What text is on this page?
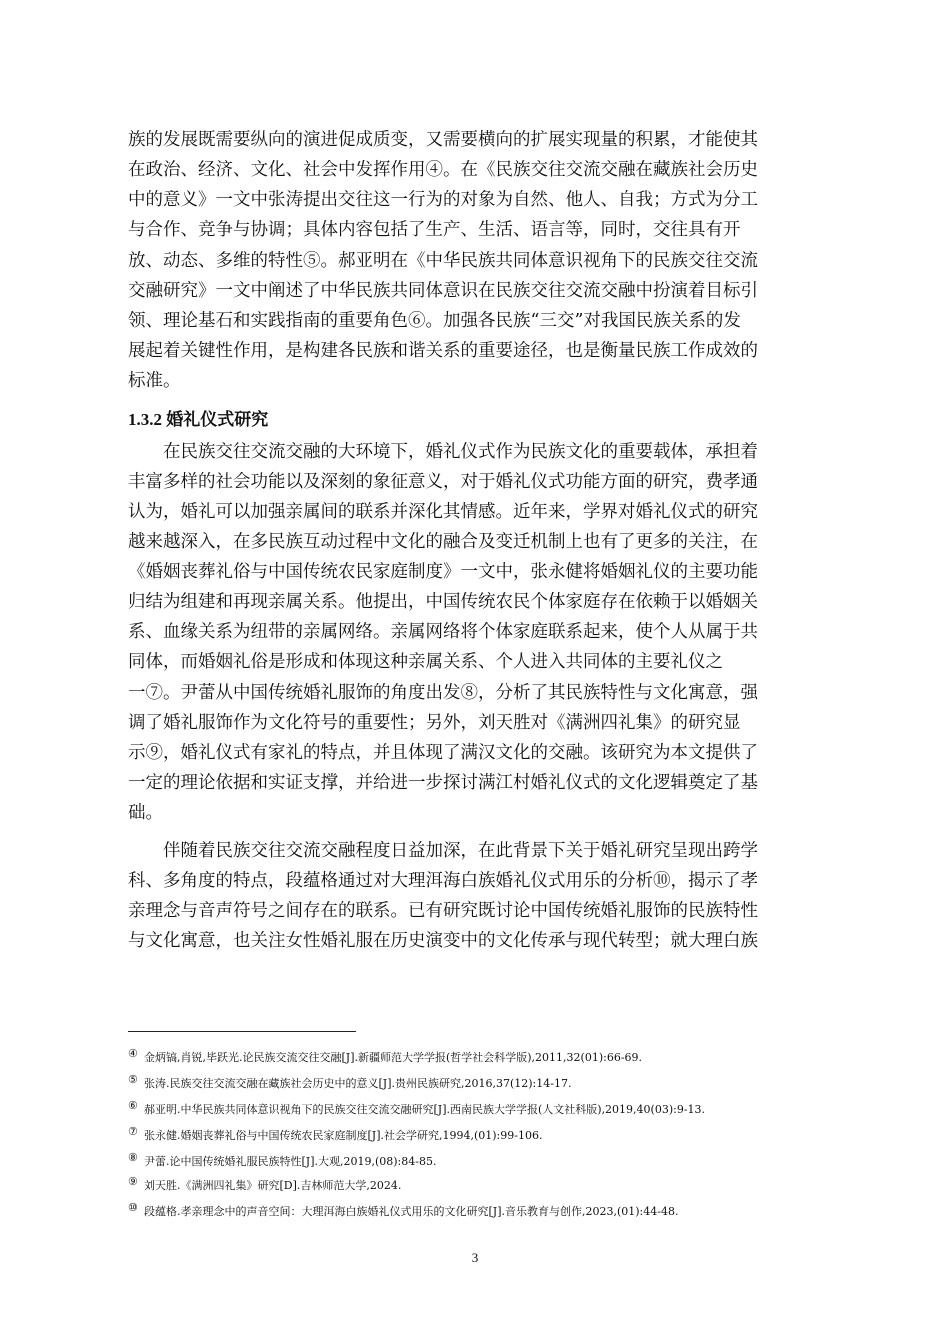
族的发展既需要纵向的演进促成质变，又需要横向的扩展实现量的积累，才能使其
在政治、经济、文化、社会中发挥作用④。在《民族交往交流交融在藏族社会历史
中的意义》一文中张涛提出交往这一行为的对象为自然、他人、自我；方式为分工
与合作、竞争与协调；具体内容包括了生产、生活、语言等，同时，交往具有开
放、动态、多维的特性⑤。郝亚明在《中华民族共同体意识视角下的民族交往交流
交融研究》一文中阐述了中华民族共同体意识在民族交往交流交融中扮演着目标引
领、理论基石和实践指南的重要角色⑥。加强各民族“三交”对我国民族关系的发
展起着关键性作用，是构建各民族和谐关系的重要途径，也是衡量民族工作成效的
标准。
1.3.2 婚礼仪式研究
在民族交往交流交融的大环境下，婚礼仪式作为民族文化的重要载体，承担着
丰富多样的社会功能以及深刻的象征意义，对于婚礼仪式功能方面的研究，费孝通
认为，婚礼可以加强亲属间的联系并深化其情感。近年来，学界对婚礼仪式的研究
越来越深入，在多民族互动过程中文化的融合及变迁机制上也有了更多的关注，在
《婚姻丧葬礼俗与中国传统农民家庭制度》一文中，张永健将婚姻礼仪的主要功能
归结为组建和再现亲属关系。他提出，中国传统农民个体家庭存在依赖于以婚姻关
系、血缘关系为纽带的亲属网络。亲属网络将个体家庭联系起来，使个人从属于共
同体，而婚姻礼俗是形成和体现这种亲属关系、个人进入共同体的主要礼仪之
一⑦。尹蕾从中国传统婚礼服饰的角度出发⑧，分析了其民族特性与文化寓意，强
调了婚礼服饰作为文化符号的重要性；另外，刘天胜对《满洲四礼集》的研究显
示⑨，婚礼仪式有家礼的特点，并且体现了满汉文化的交融。该研究为本文提供了
一定的理论依据和实证支撑，并给进一步探讨满江村婚礼仪式的文化逻辑奠定了基
础。
伴随着民族交往交流交融程度日益加深，在此背景下关于婚礼研究呈现出跨学
科、多角度的特点，段蕴格通过对大理洱海白族婚礼仪式用乐的分析⑩，揭示了孝
亲理念与音声符号之间存在的联系。已有研究既讨论中国传统婚礼服饰的民族特性
与文化寓意，也关注女性婚礼服在历史演变中的文化传承与现代转型；就大理白族
④ 金炳镐,肖锐,毕跃光.论民族交流交往交融[J].新疆师范大学学报(哲学社会科学版),2011,32(01):66-69.
⑤ 张涛.民族交往交流交融在藏族社会历史中的意义[J].贵州民族研究,2016,37(12):14-17.
⑥ 郝亚明.中华民族共同体意识视角下的民族交往交流交融研究[J].西南民族大学学报(人文社科版),2019,40(03):9-13.
⑦ 张永健.婚姻丧葬礼俗与中国传统农民家庭制度[J].社会学研究,1994,(01):99-106.
⑧ 尹蕾.论中国传统婚礼服民族特性[J].大观,2019,(08):84-85.
⑨ 刘天胜.《满洲四礼集》研究[D].吉林师范大学,2024.
⑩ 段蕴格.孝亲理念中的声音空间：大理洱海白族婚礼仪式用乐的文化研究[J].音乐教育与创作,2023,(01):44-48.
3
